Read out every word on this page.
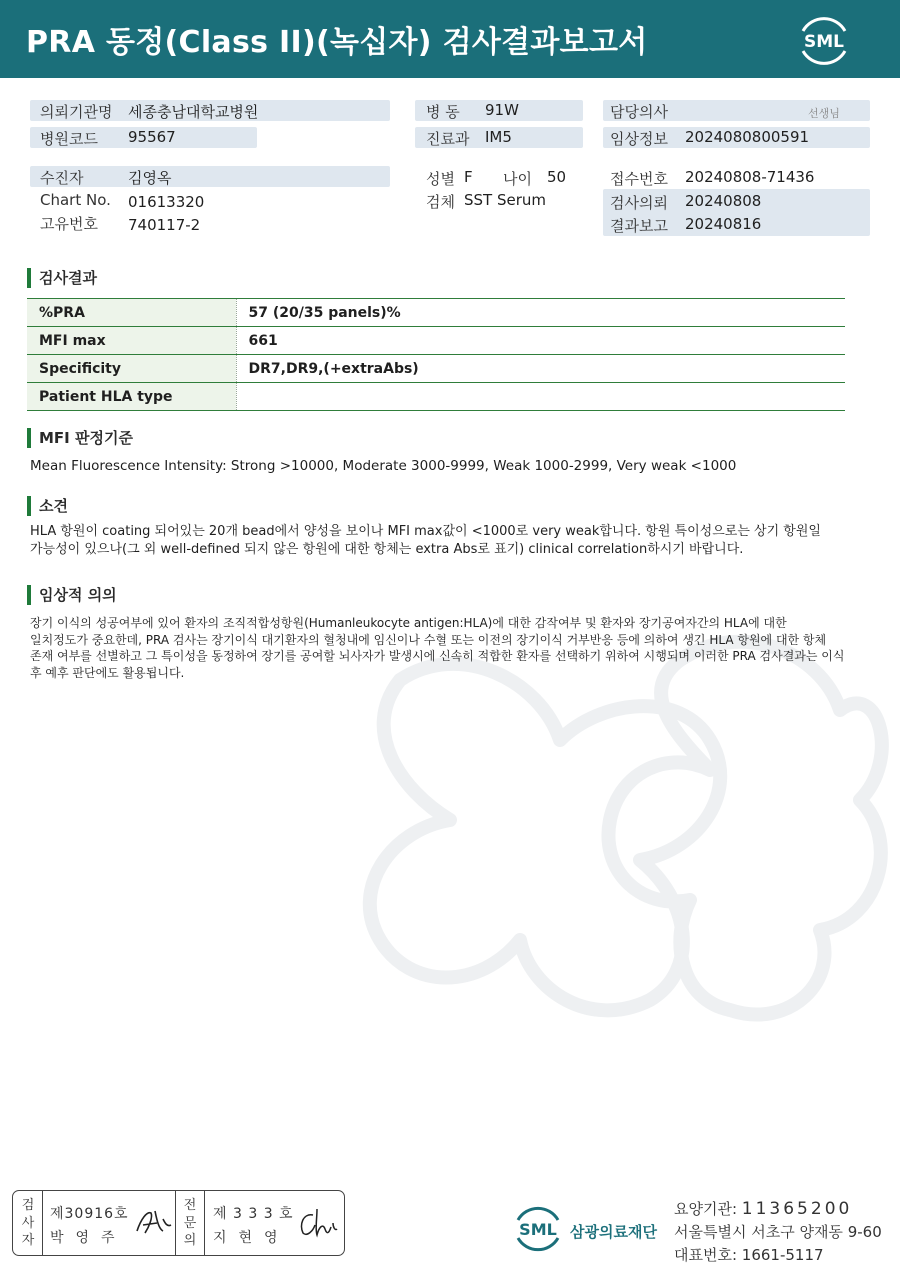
PRA 동정(Class II)(녹십자) 검사결과보고서	SML
의뢰기관명 세종충남대학교병원
병원코드 95567
병 동 91W
진료과 IM5
담당의사	선생님
임상정보 2024080800591
수진자	김영옥
Chart No. 01613320
고유번호 740117-2
성별 F 나이 50
검체 SST Serum
접수번호 20240808-71436
검사의뢰 20240808
결과보고 20240816
검사결과
%PRA	57 (20/35 panels)%
MFI max	661
Specificity	DR7,DR9,(+extraAbs)
Patient HLA type	
MFI 판정기준
Mean Fluorescence Intensity: Strong >10000, Moderate 3000-9999, Weak 1000-2999, Very weak <1000
소견
HLA 항원이 coating 되어있는 20개 bead에서 양성을 보이나 MFI max값이 <1000로 very weak합니다. 항원 특이성으로는 상기 항원일
가능성이 있으나(그 외 well-defined 되지 않은 항원에 대한 항체는 extra Abs로 표기) clinical correlation하시기 바랍니다.
임상적 의의
장기 이식의 성공여부에 있어 환자의 조직적합성항원(Humanleukocyte antigen:HLA)에 대한 감작여부 및 환자와 장기공여자간의 HLA에 대한
일치정도가 중요한데, PRA 검사는 장기이식 대기환자의 혈청내에 임신이나 수혈 또는 이전의 장기이식 거부반응 등에 의하여 생긴 HLA 항원에 대한 항체
존재 여부를 선별하고 그 특이성을 동정하여 장기를 공여할 뇌사자가 발생시에 신속히 적합한 환자를 선택하기 위하여 시행되며 이러한 PRA 검사결과는 이식
후 예후 판단에도 활용됩니다.
검
사
자
제30916호
박영주
전
문
의
제 3 3 3 호
지현영	SML 삼광의료재단
요양기관: 11365200
서울특별시 서초구 양재동 9-60
대표번호: 1661-5117
